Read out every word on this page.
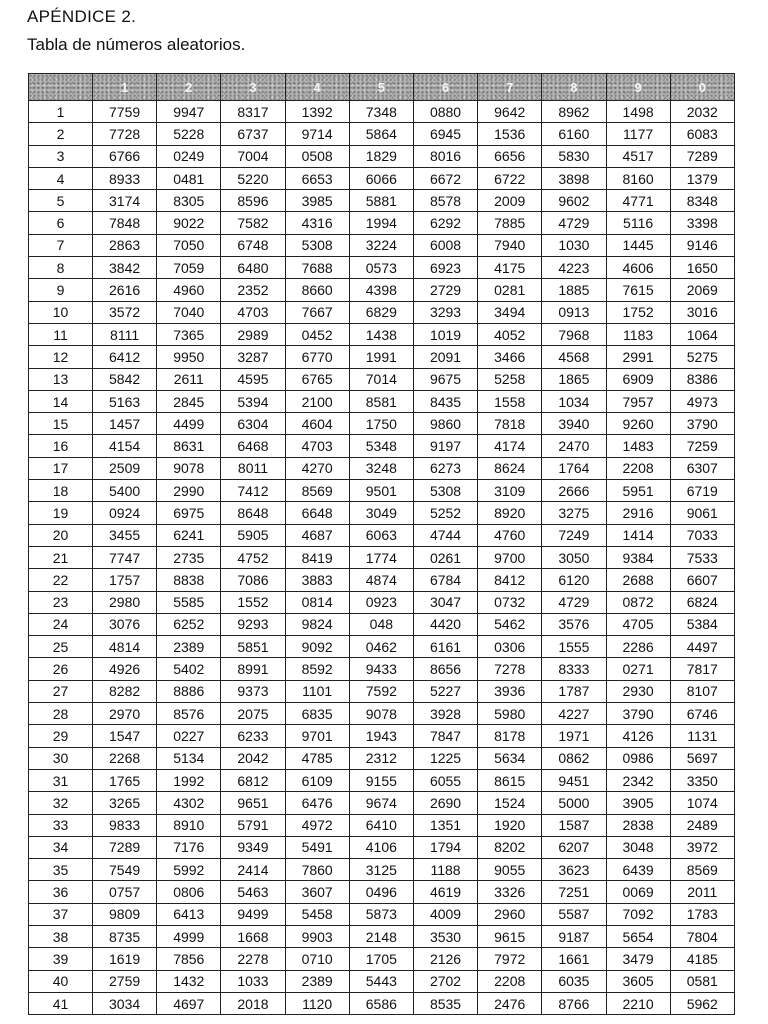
APÉNDICE 2.
Tabla de números aleatorios.
	1	2	3	4	5	6	7	8	9	0
1	7759	9947	8317	1392	7348	0880	9642	8962	1498	2032
2	7728	5228	6737	9714	5864	6945	1536	6160	1177	6083
3	6766	0249	7004	0508	1829	8016	6656	5830	4517	7289
4	8933	0481	5220	6653	6066	6672	6722	3898	8160	1379
5	3174	8305	8596	3985	5881	8578	2009	9602	4771	8348
6	7848	9022	7582	4316	1994	6292	7885	4729	5116	3398
7	2863	7050	6748	5308	3224	6008	7940	1030	1445	9146
8	3842	7059	6480	7688	0573	6923	4175	4223	4606	1650
9	2616	4960	2352	8660	4398	2729	0281	1885	7615	2069
10	3572	7040	4703	7667	6829	3293	3494	0913	1752	3016
11	8111	7365	2989	0452	1438	1019	4052	7968	1183	1064
12	6412	9950	3287	6770	1991	2091	3466	4568	2991	5275
13	5842	2611	4595	6765	7014	9675	5258	1865	6909	8386
14	5163	2845	5394	2100	8581	8435	1558	1034	7957	4973
15	1457	4499	6304	4604	1750	9860	7818	3940	9260	3790
16	4154	8631	6468	4703	5348	9197	4174	2470	1483	7259
17	2509	9078	8011	4270	3248	6273	8624	1764	2208	6307
18	5400	2990	7412	8569	9501	5308	3109	2666	5951	6719
19	0924	6975	8648	6648	3049	5252	8920	3275	2916	9061
20	3455	6241	5905	4687	6063	4744	4760	7249	1414	7033
21	7747	2735	4752	8419	1774	0261	9700	3050	9384	7533
22	1757	8838	7086	3883	4874	6784	8412	6120	2688	6607
23	2980	5585	1552	0814	0923	3047	0732	4729	0872	6824
24	3076	6252	9293	9824	048	4420	5462	3576	4705	5384
25	4814	2389	5851	9092	0462	6161	0306	1555	2286	4497
26	4926	5402	8991	8592	9433	8656	7278	8333	0271	7817
27	8282	8886	9373	1101	7592	5227	3936	1787	2930	8107
28	2970	8576	2075	6835	9078	3928	5980	4227	3790	6746
29	1547	0227	6233	9701	1943	7847	8178	1971	4126	1131
30	2268	5134	2042	4785	2312	1225	5634	0862	0986	5697
31	1765	1992	6812	6109	9155	6055	8615	9451	2342	3350
32	3265	4302	9651	6476	9674	2690	1524	5000	3905	1074
33	9833	8910	5791	4972	6410	1351	1920	1587	2838	2489
34	7289	7176	9349	5491	4106	1794	8202	6207	3048	3972
35	7549	5992	2414	7860	3125	1188	9055	3623	6439	8569
36	0757	0806	5463	3607	0496	4619	3326	7251	0069	2011
37	9809	6413	9499	5458	5873	4009	2960	5587	7092	1783
38	8735	4999	1668	9903	2148	3530	9615	9187	5654	7804
39	1619	7856	2278	0710	1705	2126	7972	1661	3479	4185
40	2759	1432	1033	2389	5443	2702	2208	6035	3605	0581
41	3034	4697	2018	1120	6586	8535	2476	8766	2210	5962
